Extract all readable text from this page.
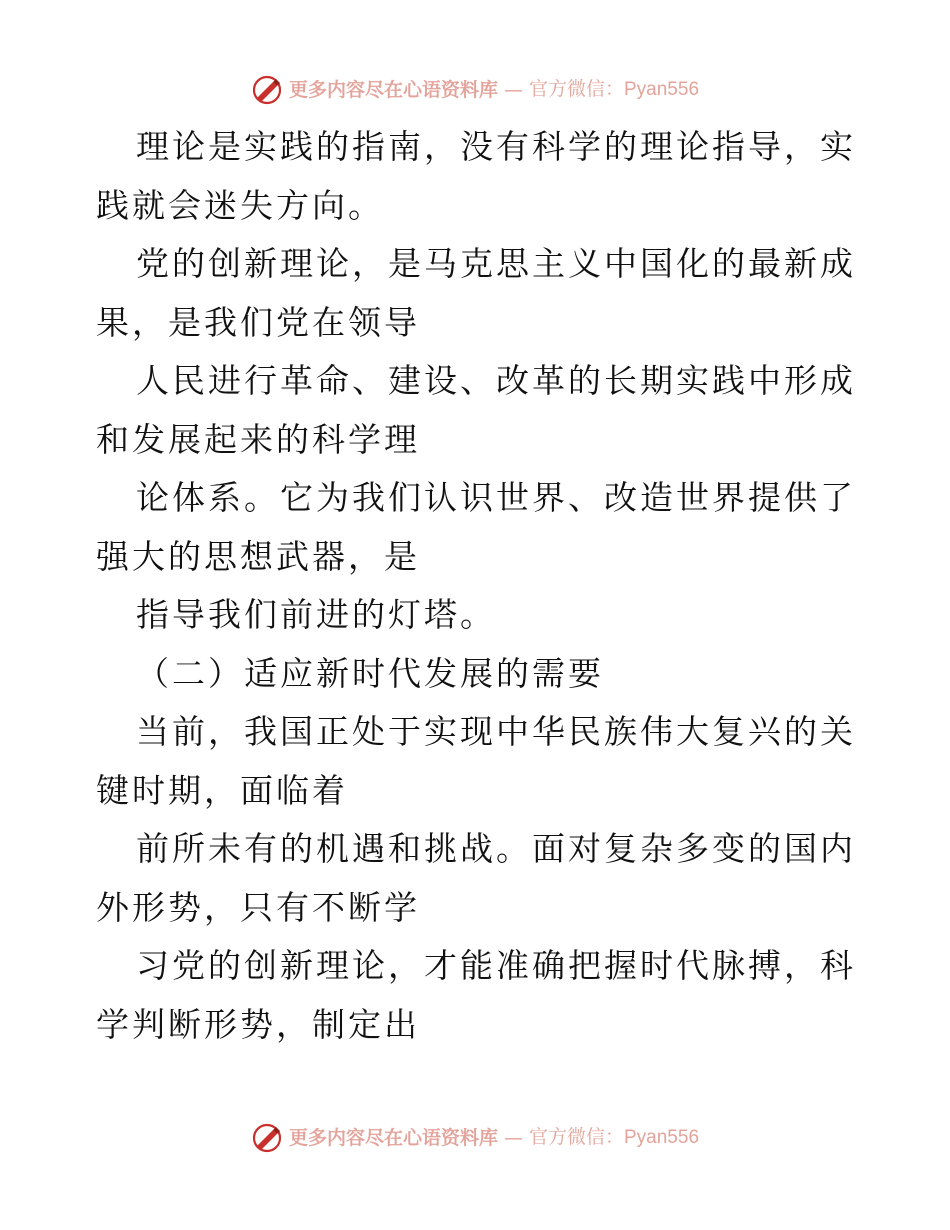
更多内容尽在心语资料库 — 官方微信：Pyan556

理论是实践的指南，没有科学的理论指导，实践就会迷失方向。

党的创新理论，是马克思主义中国化的最新成果，是我们党在领导

人民进行革命、建设、改革的长期实践中形成和发展起来的科学理

论体系。它为我们认识世界、改造世界提供了强大的思想武器，是

指导我们前进的灯塔。

（二）适应新时代发展的需要

当前，我国正处于实现中华民族伟大复兴的关键时期，面临着

前所未有的机遇和挑战。面对复杂多变的国内外形势，只有不断学

习党的创新理论，才能准确把握时代脉搏，科学判断形势，制定出

更多内容尽在心语资料库 — 官方微信：Pyan556
